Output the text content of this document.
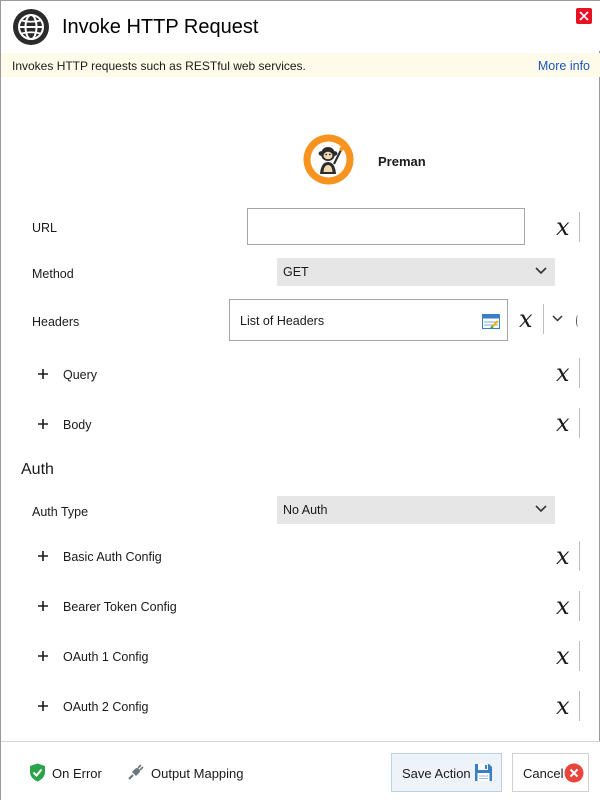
Invoke HTTP Request
Invokes HTTP requests such as RESTful web services.	More info
Preman
URL	x
Method	GET
Headers	List of Headers	x
Query	x
Body	x
Auth
Auth Type	No Auth
Basic Auth Config	x
Bearer Token Config	x
OAuth 1 Config	x
OAuth 2 Config	x
On Error	Output Mapping	Save Action	Cancel
